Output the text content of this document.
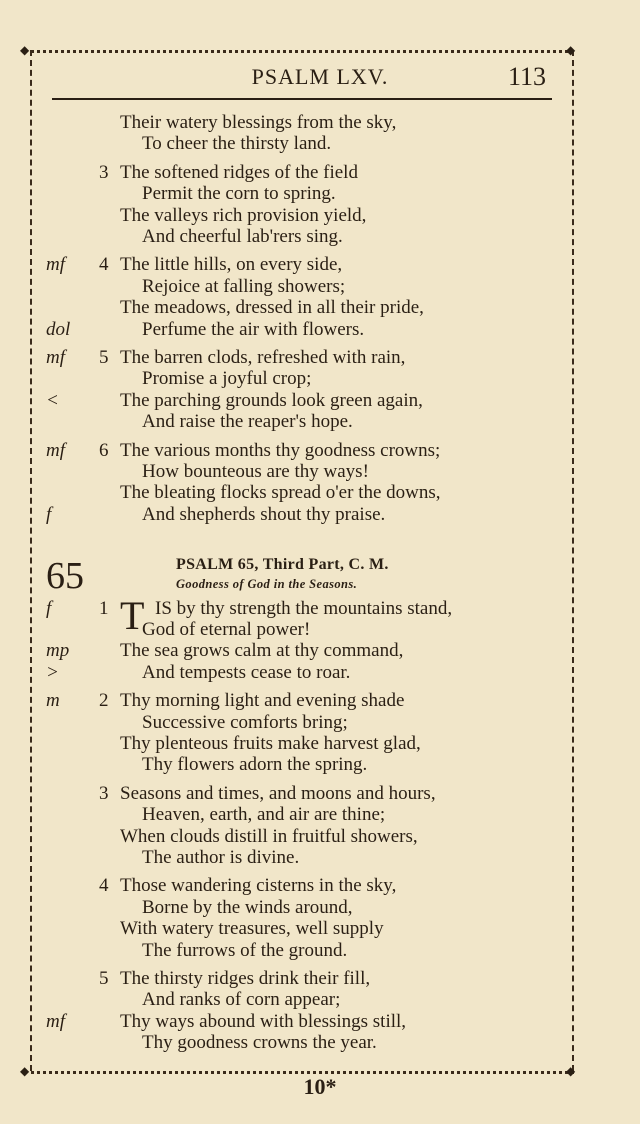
◆	◆
◆	◆
PSALM LXV.	113
Their watery blessings from the sky,
To cheer the thirsty land.
3 The softened ridges of the field
Permit the corn to spring.
The valleys rich provision yield,
And cheerful lab'rers sing.
mf 4 The little hills, on every side,
Rejoice at falling showers;
The meadows, dressed in all their pride,
dol	Perfume the air with flowers.
mf 5 The barren clods, refreshed with rain,
Promise a joyful crop;
<	The parching grounds look green again,
And raise the reaper's hope.
mf 6 The various months thy goodness crowns;
How bounteous are thy ways!
The bleating flocks spread o'er the downs,
f	And shepherds shout thy praise.
65	PSALM 65, Third Part, C. M.
Goodness of God in the Seasons.
f	1 IS by thy strength the mountains stand,
T
God of eternal power!
mp	The sea grows calm at thy command,
>	And tempests cease to roar.
m 2 Thy morning light and evening shade
Successive comforts bring;
Thy plenteous fruits make harvest glad,
Thy flowers adorn the spring.
3 Seasons and times, and moons and hours,
Heaven, earth, and air are thine;
When clouds distill in fruitful showers,
The author is divine.
4 Those wandering cisterns in the sky,
Borne by the winds around,
With watery treasures, well supply
The furrows of the ground.
5 The thirsty ridges drink their fill,
And ranks of corn appear;
mf	Thy ways abound with blessings still,
Thy goodness crowns the year.
10*
